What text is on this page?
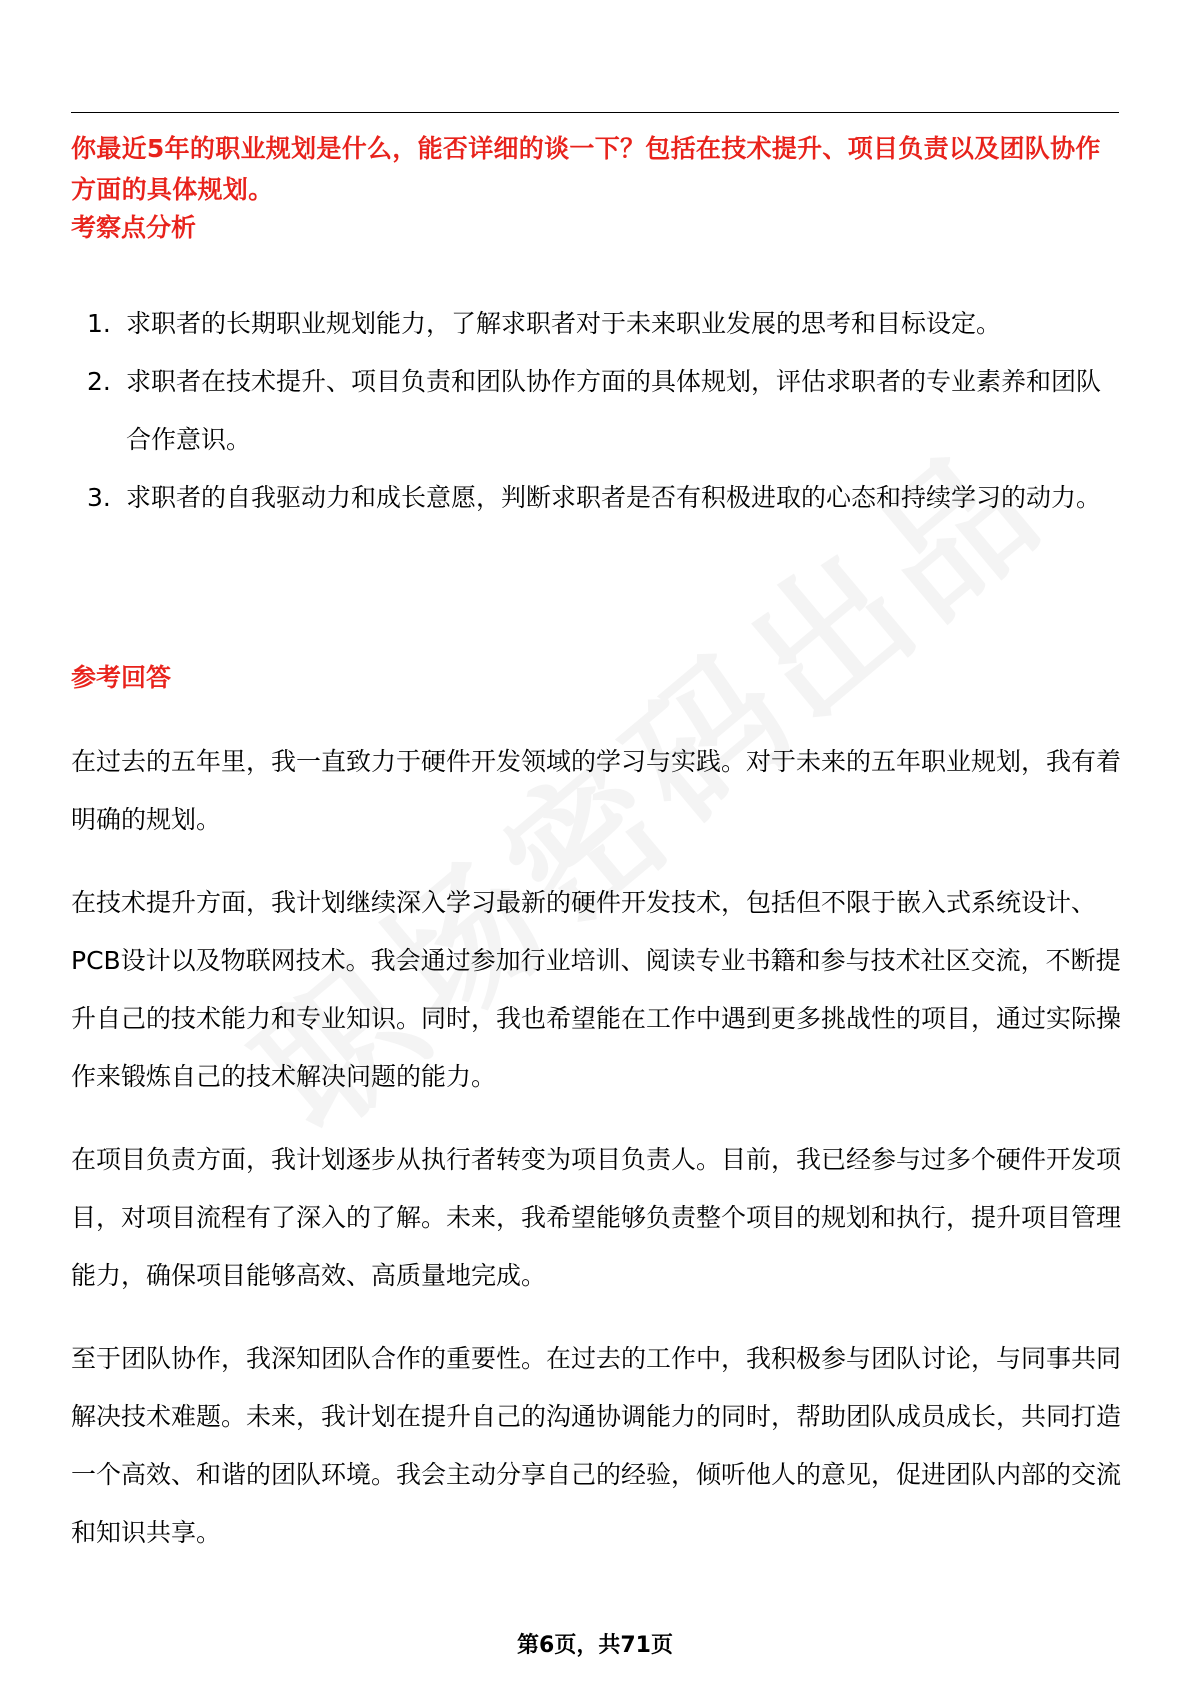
你最近5年的职业规划是什么，能否详细的谈一下？包括在技术提升、项目负责以及团队协作方面的具体规划。
考察点分析
1. 求职者的长期职业规划能力，了解求职者对于未来职业发展的思考和目标设定。
2. 求职者在技术提升、项目负责和团队协作方面的具体规划，评估求职者的专业素养和团队合作意识。
3. 求职者的自我驱动力和成长意愿，判断求职者是否有积极进取的心态和持续学习的动力。
参考回答

在过去的五年里，我一直致力于硬件开发领域的学习与实践。对于未来的五年职业规划，我有着明确的规划。

在技术提升方面，我计划继续深入学习最新的硬件开发技术，包括但不限于嵌入式系统设计、PCB设计以及物联网技术。我会通过参加行业培训、阅读专业书籍和参与技术社区交流，不断提升自己的技术能力和专业知识。同时，我也希望能在工作中遇到更多挑战性的项目，通过实际操作来锻炼自己的技术解决问题的能力。

在项目负责方面，我计划逐步从执行者转变为项目负责人。目前，我已经参与过多个硬件开发项目，对项目流程有了深入的了解。未来，我希望能够负责整个项目的规划和执行，提升项目管理能力，确保项目能够高效、高质量地完成。

至于团队协作，我深知团队合作的重要性。在过去的工作中，我积极参与团队讨论，与同事共同解决技术难题。未来，我计划在提升自己的沟通协调能力的同时，帮助团队成员成长，共同打造一个高效、和谐的团队环境。我会主动分享自己的经验，倾听他人的意见，促进团队内部的交流和知识共享。

第6页，共71页
